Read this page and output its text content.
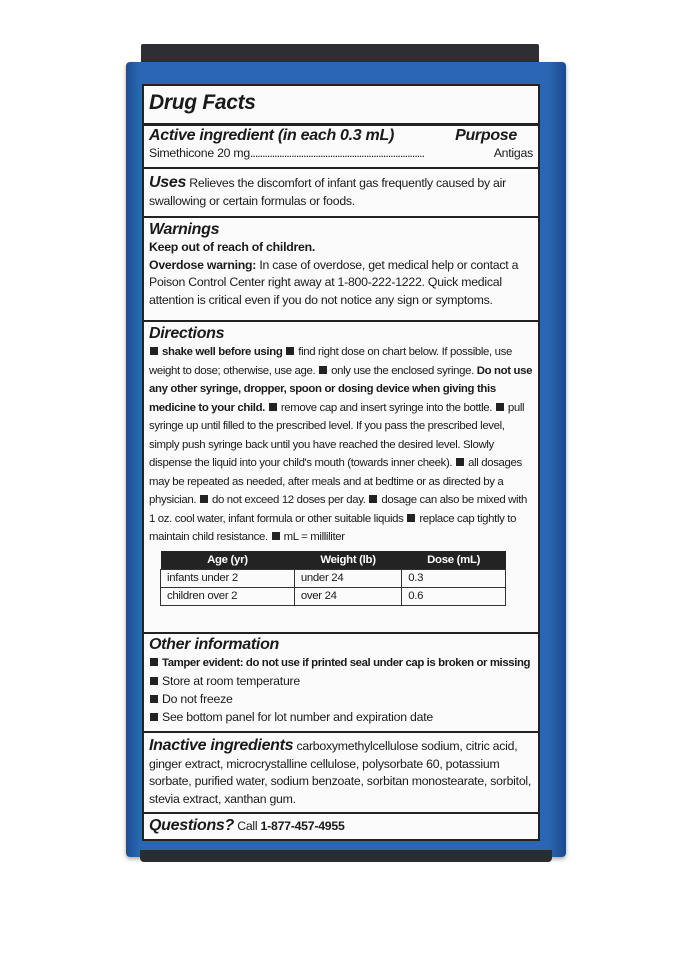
Drug Facts
Active ingredient (in each 0.3 mL)	Purpose
Simethicone 20 mg ........................................................................	Antigas
Uses Relieves the discomfort of infant gas frequently caused by air swallowing or certain formulas or foods.
Warnings
Keep out of reach of children.
Overdose warning: In case of overdose, get medical help or contact a Poison Control Center right away at 1-800-222-1222. Quick medical attention is critical even if you do not notice any sign or symptoms.
Directions
shake well before using find right dose on chart below. If possible, use weight to dose; otherwise, use age. only use the enclosed syringe. Do not use any other syringe, dropper, spoon or dosing device when giving this medicine to your child. remove cap and insert syringe into the bottle. pull syringe up until filled to the prescribed level. If you pass the prescribed level, simply push syringe back until you have reached the desired level. Slowly dispense the liquid into your child's mouth (towards inner cheek). all dosages may be repeated as needed, after meals and at bedtime or as directed by a physician. do not exceed 12 doses per day. dosage can also be mixed with 1 oz. cool water, infant formula or other suitable liquids replace cap tightly to maintain child resistance. mL = milliliter
Age (yr)	Weight (lb)	Dose (mL)
infants under 2	under 24	0.3
children over 2	over 24	0.6
Other information
Tamper evident: do not use if printed seal under cap is broken or missing
Store at room temperature
Do not freeze
See bottom panel for lot number and expiration date
Inactive ingredients carboxymethylcellulose sodium, citric acid, ginger extract, microcrystalline cellulose, polysorbate 60, potassium sorbate, purified water, sodium benzoate, sorbitan monostearate, sorbitol, stevia extract, xanthan gum.
Questions? Call 1-877-457-4955
